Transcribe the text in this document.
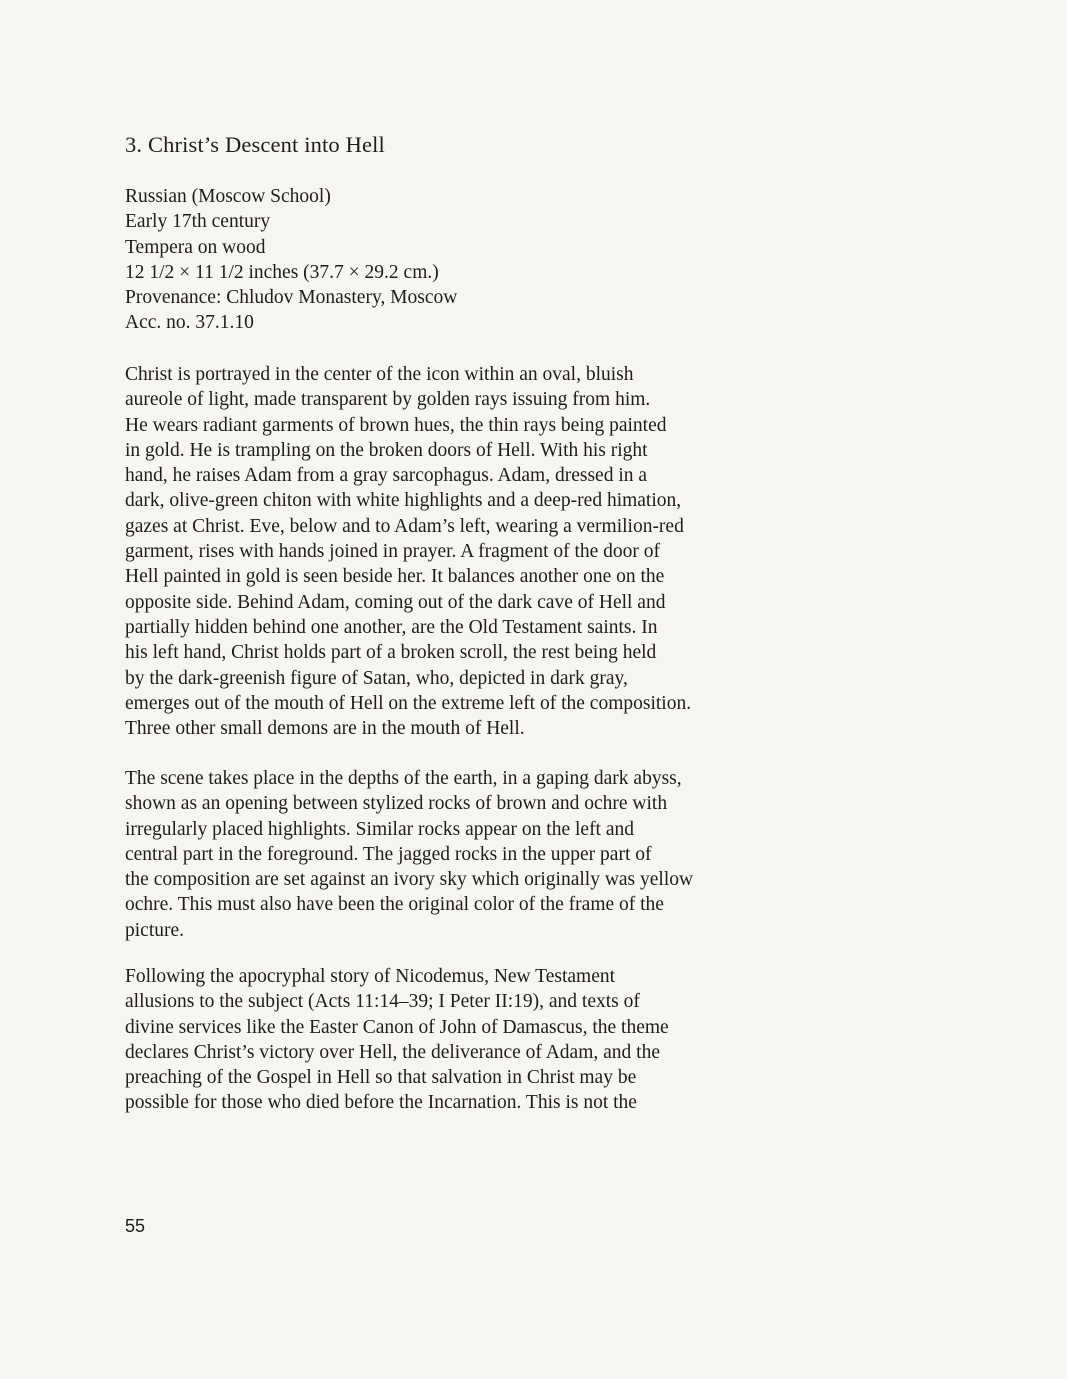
3. Christ’s Descent into Hell
Russian (Moscow School)
Early 17th century
Tempera on wood
12 1/2 × 11 1/2 inches (37.7 × 29.2 cm.)
Provenance: Chludov Monastery, Moscow
Acc. no. 37.1.10

Christ is portrayed in the center of the icon within an oval, bluish
aureole of light, made transparent by golden rays issuing from him.
He wears radiant garments of brown hues, the thin rays being painted
in gold. He is trampling on the broken doors of Hell. With his right
hand, he raises Adam from a gray sarcophagus. Adam, dressed in a
dark, olive-green chiton with white highlights and a deep-red himation,
gazes at Christ. Eve, below and to Adam’s left, wearing a vermilion-red
garment, rises with hands joined in prayer. A fragment of the door of
Hell painted in gold is seen beside her. It balances another one on the
opposite side. Behind Adam, coming out of the dark cave of Hell and
partially hidden behind one another, are the Old Testament saints. In
his left hand, Christ holds part of a broken scroll, the rest being held
by the dark-greenish figure of Satan, who, depicted in dark gray,
emerges out of the mouth of Hell on the extreme left of the composition.
Three other small demons are in the mouth of Hell.

The scene takes place in the depths of the earth, in a gaping dark abyss,
shown as an opening between stylized rocks of brown and ochre with
irregularly placed highlights. Similar rocks appear on the left and
central part in the foreground. The jagged rocks in the upper part of
the composition are set against an ivory sky which originally was yellow
ochre. This must also have been the original color of the frame of the
picture.

Following the apocryphal story of Nicodemus, New Testament
allusions to the subject (Acts 11:14–39; I Peter II:19), and texts of
divine services like the Easter Canon of John of Damascus, the theme
declares Christ’s victory over Hell, the deliverance of Adam, and the
preaching of the Gospel in Hell so that salvation in Christ may be
possible for those who died before the Incarnation. This is not the

55
